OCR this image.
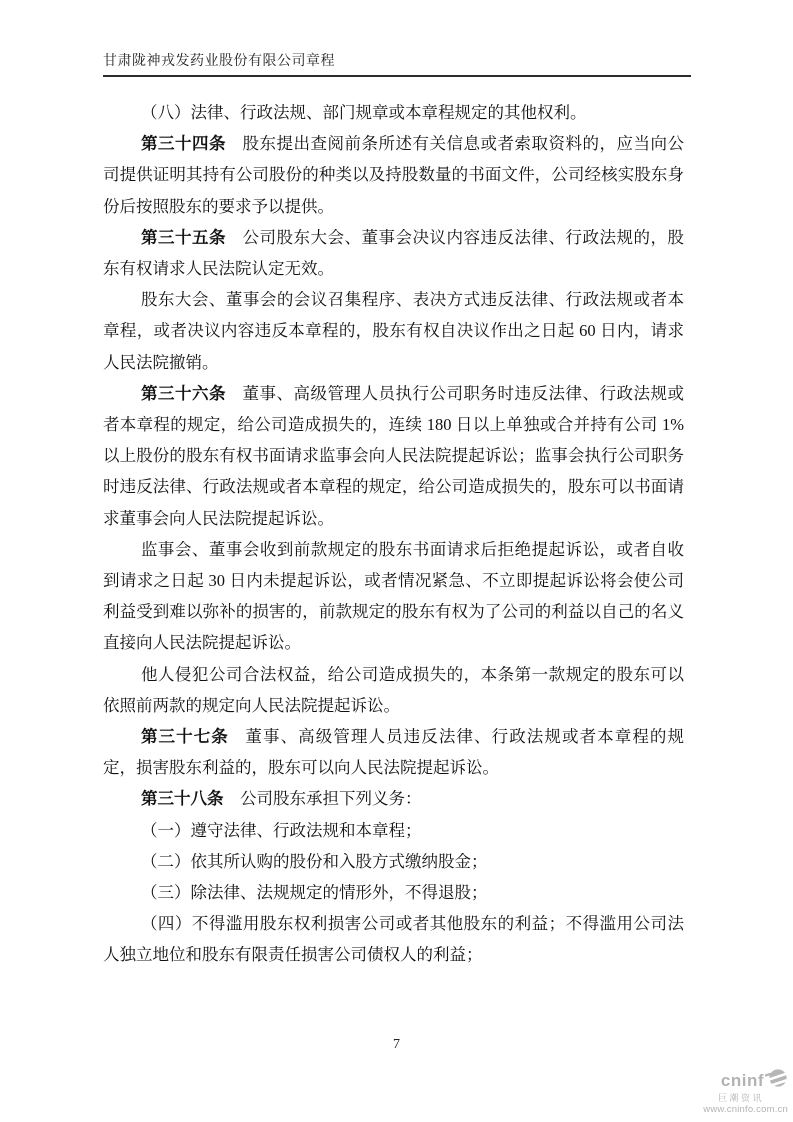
甘肃陇神戎发药业股份有限公司章程

（八）法律、行政法规、部门规章或本章程规定的其他权利。

第三十四条 股东提出查阅前条所述有关信息或者索取资料的，应当向公司提供证明其持有公司股份的种类以及持股数量的书面文件，公司经核实股东身份后按照股东的要求予以提供。

第三十五条 公司股东大会、董事会决议内容违反法律、行政法规的，股东有权请求人民法院认定无效。

股东大会、董事会的会议召集程序、表决方式违反法律、行政法规或者本章程，或者决议内容违反本章程的，股东有权自决议作出之日起 60 日内，请求人民法院撤销。

第三十六条 董事、高级管理人员执行公司职务时违反法律、行政法规或者本章程的规定，给公司造成损失的，连续 180 日以上单独或合并持有公司 1%以上股份的股东有权书面请求监事会向人民法院提起诉讼；监事会执行公司职务时违反法律、行政法规或者本章程的规定，给公司造成损失的，股东可以书面请求董事会向人民法院提起诉讼。

监事会、董事会收到前款规定的股东书面请求后拒绝提起诉讼，或者自收到请求之日起 30 日内未提起诉讼，或者情况紧急、不立即提起诉讼将会使公司利益受到难以弥补的损害的，前款规定的股东有权为了公司的利益以自己的名义直接向人民法院提起诉讼。

他人侵犯公司合法权益，给公司造成损失的，本条第一款规定的股东可以依照前两款的规定向人民法院提起诉讼。

第三十七条 董事、高级管理人员违反法律、行政法规或者本章程的规定，损害股东利益的，股东可以向人民法院提起诉讼。

第三十八条 公司股东承担下列义务：

（一）遵守法律、行政法规和本章程；

（二）依其所认购的股份和入股方式缴纳股金；

（三）除法律、法规规定的情形外，不得退股；

（四）不得滥用股东权利损害公司或者其他股东的利益；不得滥用公司法人独立地位和股东有限责任损害公司债权人的利益；

7
cninf
巨潮资讯
www.cninfo.com.cn
